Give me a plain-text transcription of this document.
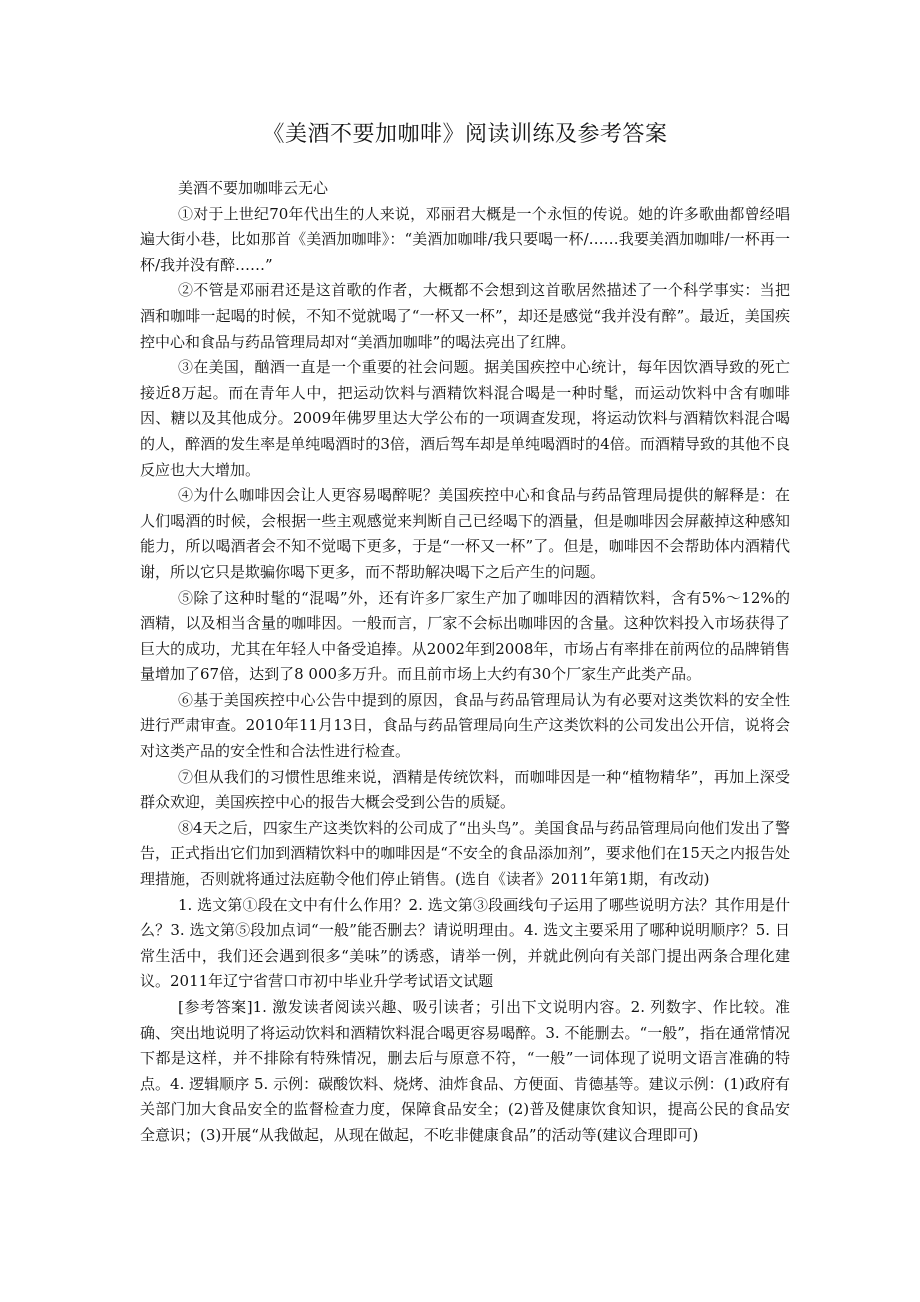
《美酒不要加咖啡》阅读训练及参考答案

美酒不要加咖啡云无心

①对于上世纪70年代出生的人来说，邓丽君大概是一个永恒的传说。她的许多歌曲都曾经唱遍大街小巷，比如那首《美酒加咖啡》：“美酒加咖啡/我只要喝一杯/……我要美酒加咖啡/一杯再一杯/我并没有醉……”

②不管是邓丽君还是这首歌的作者，大概都不会想到这首歌居然描述了一个科学事实：当把酒和咖啡一起喝的时候，不知不觉就喝了“一杯又一杯”，却还是感觉“我并没有醉”。最近，美国疾控中心和食品与药品管理局却对“美酒加咖啡”的喝法亮出了红牌。

③在美国，酗酒一直是一个重要的社会问题。据美国疾控中心统计，每年因饮酒导致的死亡接近8万起。而在青年人中，把运动饮料与酒精饮料混合喝是一种时髦，而运动饮料中含有咖啡因、糖以及其他成分。2009年佛罗里达大学公布的一项调查发现，将运动饮料与酒精饮料混合喝的人，醉酒的发生率是单纯喝酒时的3倍，酒后驾车却是单纯喝酒时的4倍。而酒精导致的其他不良反应也大大增加。

④为什么咖啡因会让人更容易喝醉呢？美国疾控中心和食品与药品管理局提供的解释是：在人们喝酒的时候，会根据一些主观感觉来判断自己已经喝下的酒量，但是咖啡因会屏蔽掉这种感知能力，所以喝酒者会不知不觉喝下更多，于是“一杯又一杯”了。但是，咖啡因不会帮助体内酒精代谢，所以它只是欺骗你喝下更多，而不帮助解决喝下之后产生的问题。

⑤除了这种时髦的“混喝”外，还有许多厂家生产加了咖啡因的酒精饮料，含有5%～12%的酒精，以及相当含量的咖啡因。一般而言，厂家不会标出咖啡因的含量。这种饮料投入市场获得了巨大的成功，尤其在年轻人中备受追捧。从2002年到2008年，市场占有率排在前两位的品牌销售量增加了67倍，达到了8 000多万升。而且前市场上大约有30个厂家生产此类产品。

⑥基于美国疾控中心公告中提到的原因，食品与药品管理局认为有必要对这类饮料的安全性进行严肃审查。2010年11月13日，食品与药品管理局向生产这类饮料的公司发出公开信，说将会对这类产品的安全性和合法性进行检查。

⑦但从我们的习惯性思维来说，酒精是传统饮料，而咖啡因是一种“植物精华”，再加上深受群众欢迎，美国疾控中心的报告大概会受到公告的质疑。

⑧4天之后，四家生产这类饮料的公司成了“出头鸟”。美国食品与药品管理局向他们发出了警告，正式指出它们加到酒精饮料中的咖啡因是“不安全的食品添加剂”，要求他们在15天之内报告处理措施，否则就将通过法庭勒令他们停止销售。(选自《读者》2011年第1期，有改动)

1. 选文第①段在文中有什么作用？2. 选文第③段画线句子运用了哪些说明方法？其作用是什么？3. 选文第⑤段加点词“一般”能否删去？请说明理由。4. 选文主要采用了哪种说明顺序？5. 日常生活中，我们还会遇到很多“美味”的诱惑，请举一例，并就此例向有关部门提出两条合理化建议。2011年辽宁省营口市初中毕业升学考试语文试题

[参考答案]1. 激发读者阅读兴趣、吸引读者；引出下文说明内容。2. 列数字、作比较。准确、突出地说明了将运动饮料和酒精饮料混合喝更容易喝醉。3. 不能删去。“一般”，指在通常情况下都是这样，并不排除有特殊情况，删去后与原意不符，“一般”一词体现了说明文语言准确的特点。4. 逻辑顺序 5. 示例：碳酸饮料、烧烤、油炸食品、方便面、肯德基等。建议示例：(1)政府有关部门加大食品安全的监督检查力度，保障食品安全；(2)普及健康饮食知识，提高公民的食品安全意识；(3)开展“从我做起，从现在做起，不吃非健康食品”的活动等(建议合理即可)
